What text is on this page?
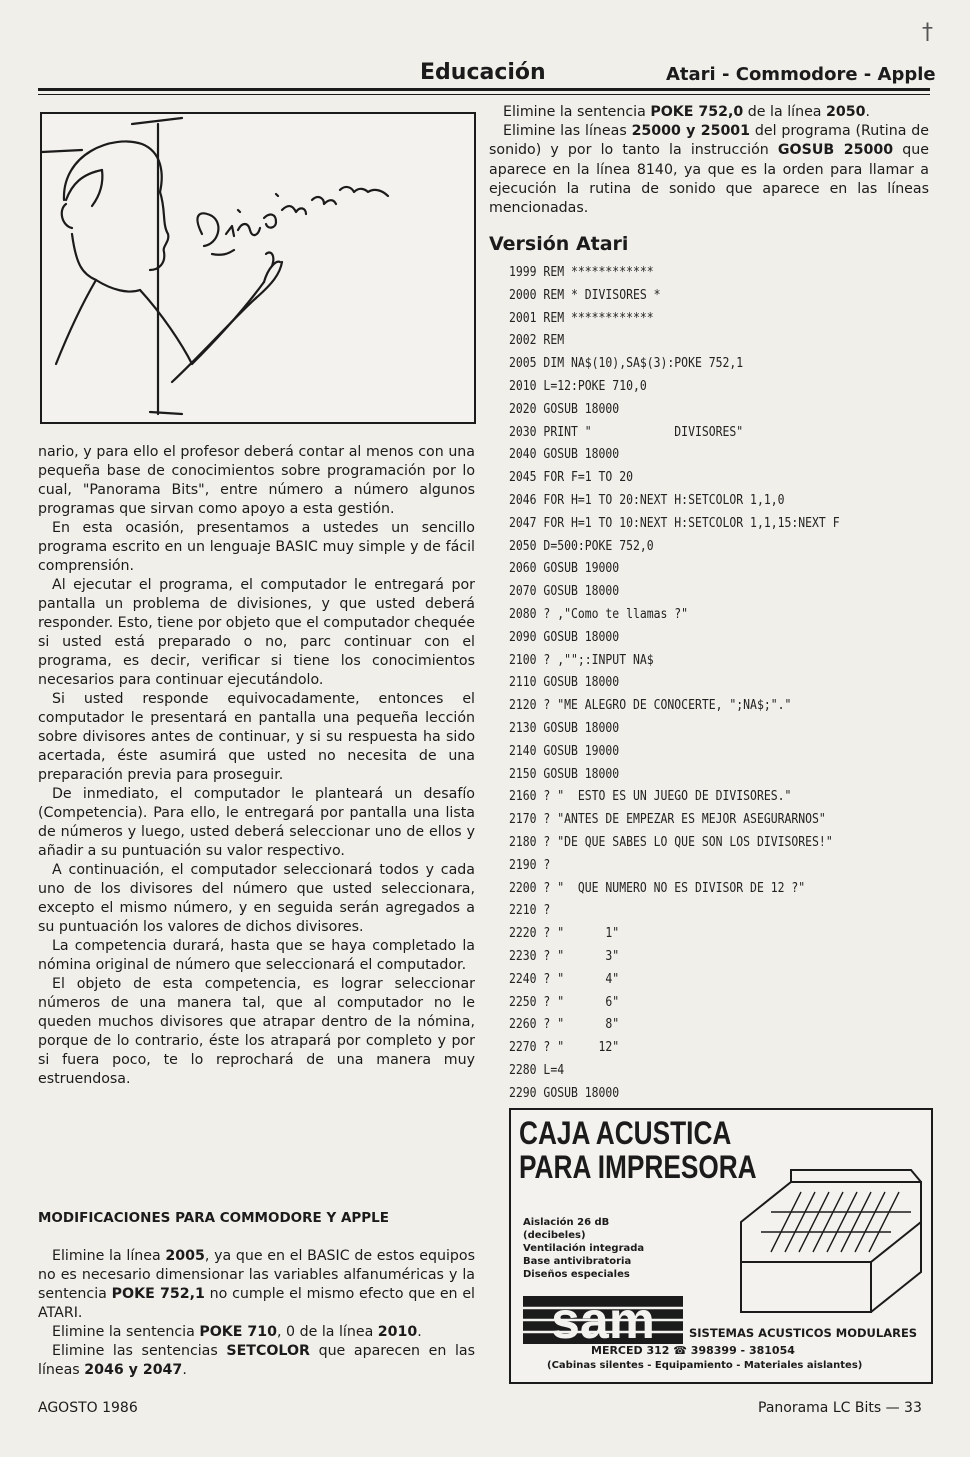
Educación	Atari - Commodore - Apple
†

nario, y para ello el profesor deberá contar al menos con una pequeña base de conocimientos sobre programación por lo cual, "Panorama Bits", entre número a número algunos programas que sirvan como apoyo a esta gestión.

En esta ocasión, presentamos a ustedes un sencillo programa escrito en un lenguaje BASIC muy simple y de fácil comprensión.

Al ejecutar el programa, el computador le entregará por pantalla un problema de divisiones, y que usted deberá responder. Esto, tiene por objeto que el computador chequée si usted está preparado o no, parc continuar con el programa, es decir, verificar si tiene los conocimientos necesarios para continuar ejecutándolo.

Si usted responde equivocadamente, entonces el computador le presentará en pantalla una pequeña lección sobre divisores antes de continuar, y si su respuesta ha sido acertada, éste asumirá que usted no necesita de una preparación previa para proseguir.

De inmediato, el computador le planteará un desafío (Competencia). Para ello, le entregará por pantalla una lista de números y luego, usted deberá seleccionar uno de ellos y añadir a su puntuación su valor respectivo.

A continuación, el computador seleccionará todos y cada uno de los divisores del número que usted seleccionara, excepto el mismo número, y en seguida serán agregados a su puntuación los valores de dichos divisores.

La competencia durará, hasta que se haya completado la nómina original de número que seleccionará el computador.

El objeto de esta competencia, es lograr seleccionar números de una manera tal, que al computador no le queden muchos divisores que atrapar dentro de la nómina, porque de lo contrario, éste los atrapará por completo y por si fuera poco, te lo reprochará de una manera muy estruendosa.

MODIFICACIONES PARA COMMODORE Y APPLE

Elimine la línea 2005, ya que en el BASIC de estos equipos no es necesario dimensionar las variables alfanuméricas y la sentencia POKE 752,1 no cumple el mismo efecto que en el ATARI.

Elimine la sentencia POKE 710, 0 de la línea 2010.

Elimine las sentencias SETCOLOR que aparecen en las líneas 2046 y 2047.

Elimine la sentencia POKE 752,0 de la línea 2050.

Elimine las líneas 25000 y 25001 del programa (Rutina de sonido) y por lo tanto la instrucción GOSUB 25000 que aparece en la línea 8140, ya que es la orden para llamar a ejecución la rutina de sonido que aparece en las líneas mencionadas.

Versión Atari
1999 REM ************
2000 REM * DIVISORES *
2001 REM ************
2002 REM
2005 DIM NA$(10),SA$(3):POKE 752,1
2010 L=12:POKE 710,0
2020 GOSUB 18000
2030 PRINT "            DIVISORES"
2040 GOSUB 18000
2045 FOR F=1 TO 20
2046 FOR H=1 TO 20:NEXT H:SETCOLOR 1,1,0
2047 FOR H=1 TO 10:NEXT H:SETCOLOR 1,1,15:NEXT F
2050 D=500:POKE 752,0
2060 GOSUB 19000
2070 GOSUB 18000
2080 ? ,"Como te llamas ?"
2090 GOSUB 18000
2100 ? ,"";:INPUT NA$
2110 GOSUB 18000
2120 ? "ME ALEGRO DE CONOCERTE, ";NA$;"."
2130 GOSUB 18000
2140 GOSUB 19000
2150 GOSUB 18000
2160 ? "  ESTO ES UN JUEGO DE DIVISORES."
2170 ? "ANTES DE EMPEZAR ES MEJOR ASEGURARNOS"
2180 ? "DE QUE SABES LO QUE SON LOS DIVISORES!"
2190 ?
2200 ? "  QUE NUMERO NO ES DIVISOR DE 12 ?"
2210 ?
2220 ? "      1"
2230 ? "      3"
2240 ? "      4"
2250 ? "      6"
2260 ? "      8"
2270 ? "     12"
2280 L=4
2290 GOSUB 18000
CAJA ACUSTICA
PARA IMPRESORA
Aislación 26 dB
(decibeles)
Ventilación integrada
Base antivibratoria
Diseños especiales
sam	SISTEMAS ACUSTICOS MODULARES
MERCED 312 ☎ 398399 - 381054
(Cabinas silentes - Equipamiento - Materiales aislantes)
AGOSTO 1986	Panorama LC Bits — 33
